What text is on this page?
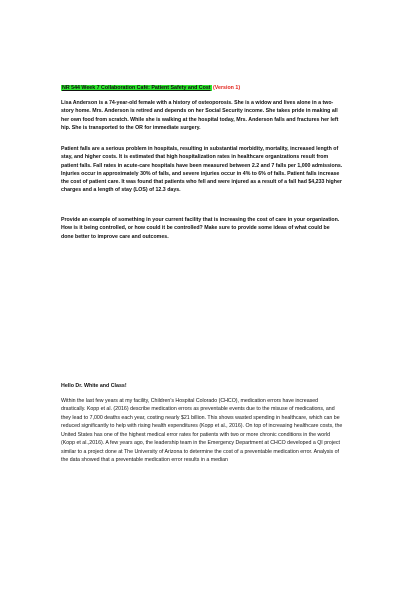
NR 544 Week 7 Collaboration Café: Patient Safety and Cost (Version 1)

Lisa Anderson is a 74-year-old female with a history of osteoporosis. She is a widow and lives alone in a two-story home. Mrs. Anderson is retired and depends on her Social Security income. She takes pride in making all her own food from scratch. While she is walking at the hospital today, Mrs. Anderson falls and fractures her left hip. She is transported to the OR for immediate surgery.

Patient falls are a serious problem in hospitals, resulting in substantial morbidity, mortality, increased length of stay, and higher costs. It is estimated that high hospitalization rates in healthcare organizations result from patient falls. Fall rates in acute-care hospitals have been measured between 2.2 and 7 falls per 1,000 admissions. Injuries occur in approximately 30% of falls, and severe injuries occur in 4% to 6% of falls. Patient falls increase the cost of patient care. It was found that patients who fell and were injured as a result of a fall had $4,233 higher charges and a length of stay (LOS) of 12.3 days.

Provide an example of something in your current facility that is increasing the cost of care in your organization. How is it being controlled, or how could it be controlled? Make sure to provide some ideas of what could be done better to improve care and outcomes.

Hello Dr. White and Class!

Within the last few years at my facility, Children's Hospital Colorado (CHCO), medication errors have increased drastically. Kopp et al. (2016) describe medication errors as preventable events due to the misuse of medications, and they lead to 7,000 deaths each year, costing nearly $21 billion. This shows wasted spending in healthcare, which can be reduced significantly to help with rising health expenditures (Kopp et al., 2016). On top of increasing healthcare costs, the United States has one of the highest medical error rates for patients with two or more chronic conditions in the world (Kopp et al.,2016). A few years ago, the leadership team in the Emergency Department at CHCO developed a QI project similar to a project done at The University of Arizona to determine the cost of a preventable medication error. Analysis of the data showed that a preventable medication error results in a median
